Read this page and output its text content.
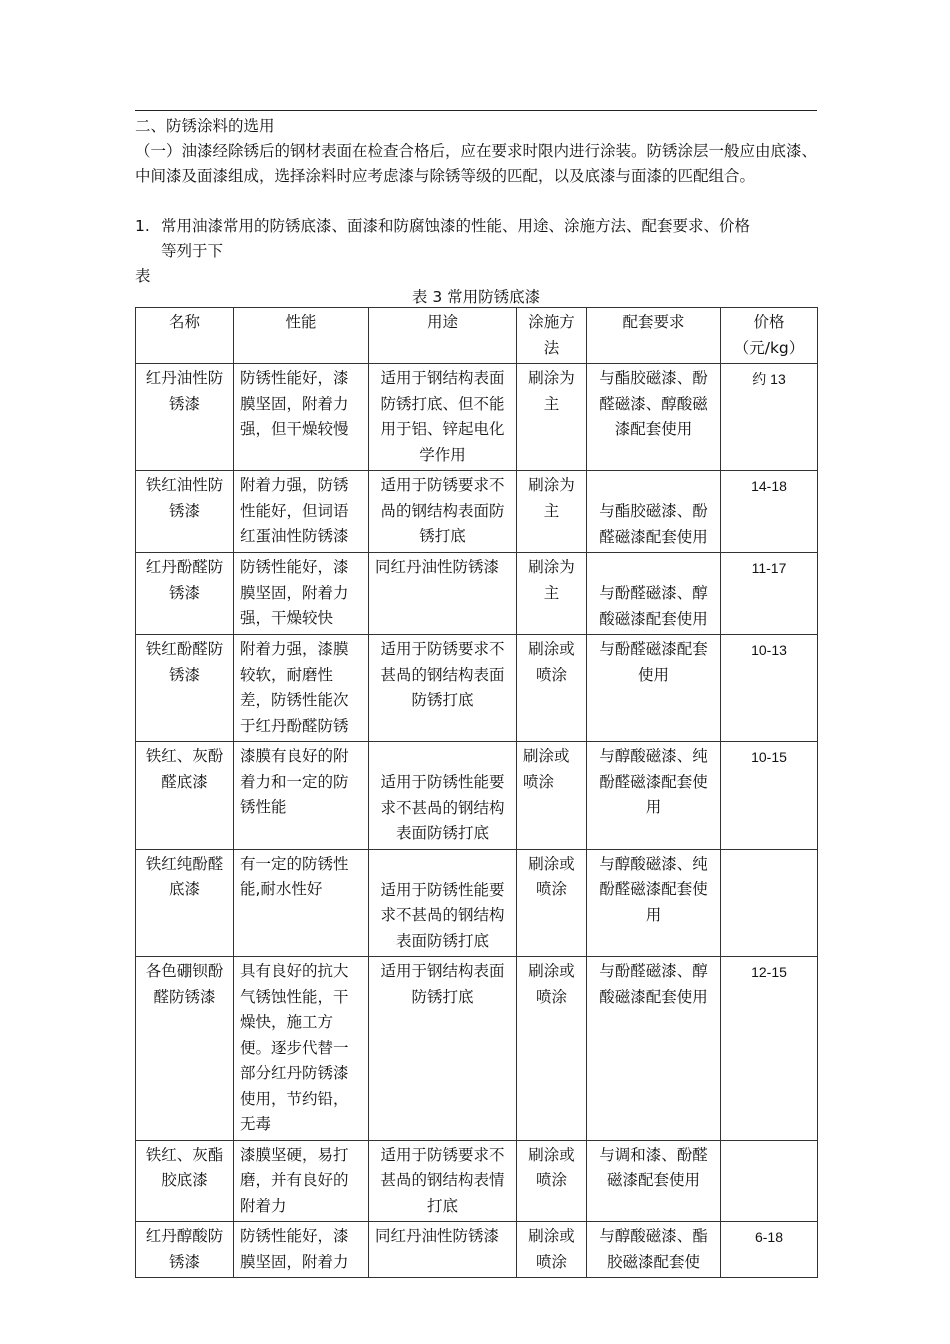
二、防锈涂料的选用
（一）油漆经除锈后的钢材表面在检查合格后，应在要求时限内进行涂装。防锈涂层一般应由底漆、中间漆及面漆组成，选择涂料时应考虑漆与除锈等级的匹配，以及底漆与面漆的匹配组合。
1. 常用油漆常用的防锈底漆、面漆和防腐蚀漆的性能、用途、涂施方法、配套要求、价格
等列于下
表
表 3 常用防锈底漆
名称	性能	用途	涂施方法	配套要求	价格（元/kg）
红丹油性防锈漆	防锈性能好，漆膜坚固，附着力强，但干燥较慢	适用于钢结构表面防锈打底、但不能用于铝、锌起电化学作用	刷涂为主	与酯胶磁漆、酚醛磁漆、醇酸磁漆配套使用	约 13
铁红油性防锈漆	附着力强，防锈性能好，但词语红蛋油性防锈漆	适用于防锈要求不咼的钢结构表面防锈打底	刷涂为主	与酯胶磁漆、酚醛磁漆配套使用	14-18
红丹酚醛防锈漆	防锈性能好，漆膜坚固，附着力强，干燥较快	同红丹油性防锈漆	刷涂为主	与酚醛磁漆、醇酸磁漆配套使用	11-17
铁红酚醛防锈漆	附着力强，漆膜较软，耐磨性差，防锈性能次于红丹酚醛防锈	适用于防锈要求不甚咼的钢结构表面防锈打底	刷涂或喷涂	与酚醛磁漆配套使用	10-13
铁红、灰酚醛底漆	漆膜有良好的附着力和一定的防锈性能	适用于防锈性能要求不甚咼的钢结构表面防锈打底	刷涂或喷涂	与醇酸磁漆、纯酚醛磁漆配套使用	10-15
铁红纯酚醛底漆	有一定的防锈性能,耐水性好	适用于防锈性能要求不甚咼的钢结构表面防锈打底	刷涂或喷涂	与醇酸磁漆、纯酚醛磁漆配套使用	
各色硼钡酚醛防锈漆	具有良好的抗大气锈蚀性能，干燥快，施工方便。逐步代替一部分红丹防锈漆使用，节约铅，无毒	适用于钢结构表面防锈打底	刷涂或喷涂	与酚醛磁漆、醇酸磁漆配套使用	12-15
铁红、灰酯胶底漆	漆膜坚硬，易打磨，并有良好的附着力	适用于防锈要求不甚咼的钢结构表情打底	刷涂或喷涂	与调和漆、酚醛磁漆配套使用	
红丹醇酸防锈漆	防锈性能好，漆膜坚固，附着力	同红丹油性防锈漆	刷涂或喷涂	与醇酸磁漆、酯胶磁漆配套使	6-18
